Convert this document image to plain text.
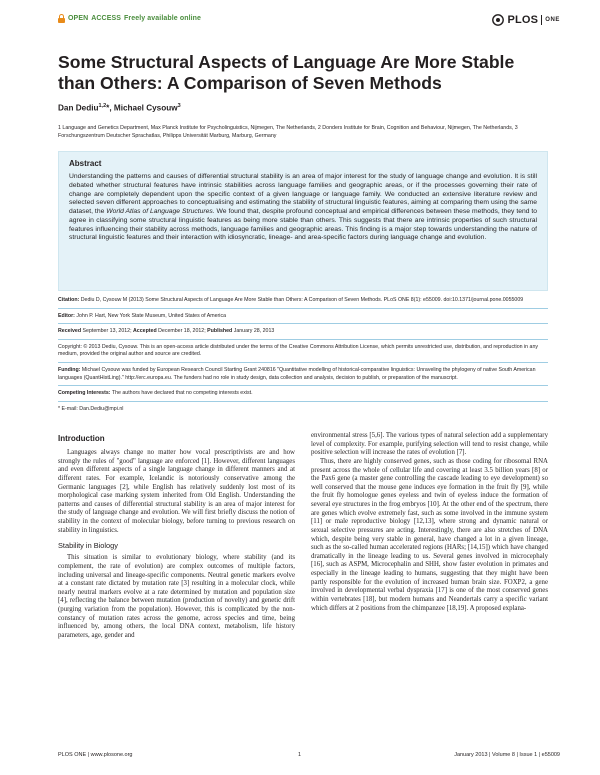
OPEN ACCESS Freely available online	PLOS ONE
Some Structural Aspects of Language Are More Stable than Others: A Comparison of Seven Methods
Dan Dediu$^{1,2}$*, Michael Cysouw$^3$
1 Language and Genetics Department, Max Planck Institute for Psycholinguistics, Nijmegen, The Netherlands, 2 Donders Institute for Brain, Cognition and Behaviour, Nijmegen, The Netherlands, 3 Forschungszentrum Deutscher Sprachatlas, Philipps Universität Marburg, Marburg, Germany
Abstract

Understanding the patterns and causes of differential structural stability is an area of major interest for the study of language change and evolution. It is still debated whether structural features have intrinsic stabilities across language families and geographic areas, or if the processes governing their rate of change are completely dependent upon the specific context of a given language or language family. We conducted an extensive literature review and selected seven different approaches to conceptualising and estimating the stability of structural linguistic features, aiming at comparing them using the same dataset, the World Atlas of Language Structures. We found that, despite profound conceptual and empirical differences between these methods, they tend to agree in classifying some structural linguistic features as being more stable than others. This suggests that there are intrinsic properties of such structural features influencing their stability across methods, language families and geographic areas. This finding is a major step towards understanding the nature of structural linguistic features and their interaction with idiosyncratic, lineage- and area-specific factors during language change and evolution.

Citation: Dediu D, Cysouw M (2013) Some Structural Aspects of Language Are More Stable than Others: A Comparison of Seven Methods. PLoS ONE 8(1): e55009. doi:10.1371/journal.pone.0055009
Editor: John P. Hart, New York State Museum, United States of America
Received September 13, 2012; Accepted December 18, 2012; Published January 28, 2013
Copyright: © 2013 Dediu, Cysouw. This is an open-access article distributed under the terms of the Creative Commons Attribution License, which permits unrestricted use, distribution, and reproduction in any medium, provided the original author and source are credited.
Funding: Michael Cysouw was funded by European Research Council Starting Grant 240816 "Quantitative modelling of historical-comparative linguistics: Unraveling the phylogeny of native South American languages (QuantHistLing)." http://erc.europa.eu. The funders had no role in study design, data collection and analysis, decision to publish, or preparation of the manuscript.
Competing Interests: The authors have declared that no competing interests exist.
* E-mail: Dan.Dediu@mpi.nl
Introduction

Languages always change no matter how vocal prescriptivists are and how strongly the rules of "good" language are enforced [1]. However, different languages and even different aspects of a single language change in different manners and at different rates. For example, Icelandic is notoriously conservative among the Germanic languages [2], while English has relatively suddenly lost most of its morphological case marking system inherited from Old English. Understanding the patterns and causes of differential structural stability is an area of major interest for the study of language change and evolution. We will first briefly discuss the notion of stability in the context of molecular biology, before turning to previous research on stability in linguistics.

Stability in Biology

This situation is similar to evolutionary biology, where stability (and its complement, the rate of evolution) are complex outcomes of multiple factors, including universal and lineage-specific components. Neutral genetic markers evolve at a constant rate dictated by mutation rate [3] resulting in a molecular clock, while nearly neutral markers evolve at a rate determined by mutation and population size [4], reflecting the balance between mutation (production of novelty) and genetic drift (purging variation from the population). However, this is complicated by the non-constancy of mutation rates across the genome, across species and time, being influenced by, among others, the local DNA context, metabolism, life history parameters, age, gender and

environmental stress [5,6]. The various types of natural selection add a supplementary level of complexity. For example, purifying selection will tend to resist change, while positive selection will increase the rates of evolution [7].

Thus, there are highly conserved genes, such as those coding for ribosomal RNA present across the whole of cellular life and covering at least 3.5 billion years [8] or the Pax6 gene (a master gene controlling the cascade leading to eye development) so well conserved that the mouse gene induces eye formation in the fruit fly [9], while the fruit fly homologue genes eyeless and twin of eyeless induce the formation of several eye structures in the frog embryos [10]. At the other end of the spectrum, there are genes which evolve extremely fast, such as some involved in the immune system [11] or male reproductive biology [12,13], where strong and dynamic natural or sexual selective pressures are acting. Interestingly, there are also stretches of DNA which, despite being very stable in general, have changed a lot in a given lineage, such as the so-called human accelerated regions (HARs; [14,15]) which have changed dramatically in the lineage leading to us. Several genes involved in microcephaly [16], such as ASPM, Microcephalin and SHH, show faster evolution in primates and especially in the lineage leading to humans, suggesting that they might have been partly responsible for the evolution of increased human brain size. FOXP2, a gene involved in developmental verbal dyspraxia [17] is one of the most conserved genes within vertebrates [18], but modern humans and Neandertals carry a specific variant which differs at 2 positions from the chimpanzee [18,19]. A proposed explana-

PLOS ONE | www.plosone.org	1	January 2013 | Volume 8 | Issue 1 | e55009
